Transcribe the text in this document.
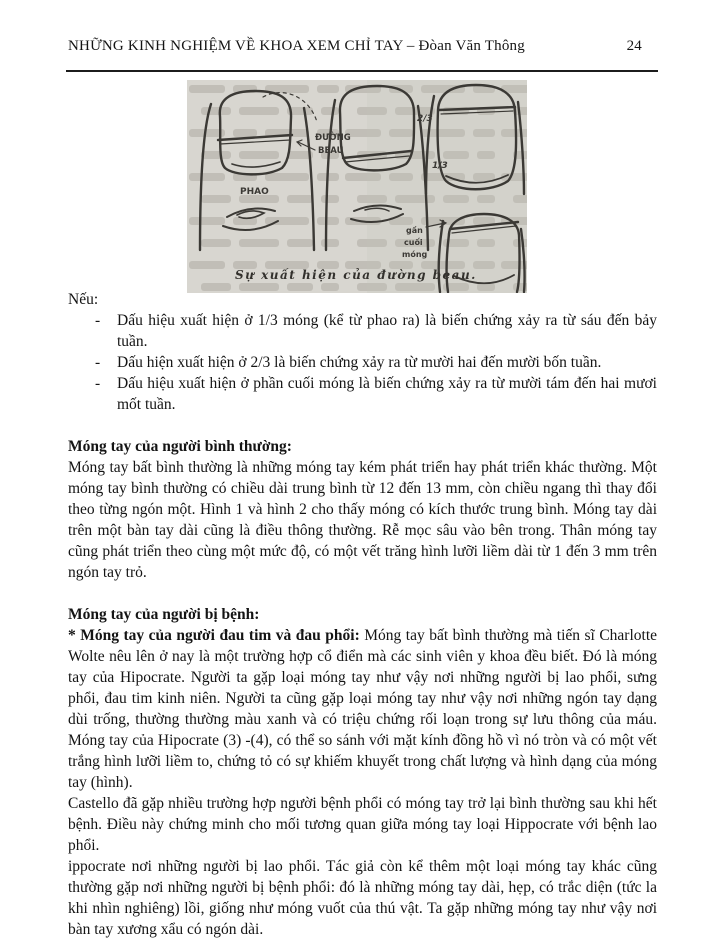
NHỮNG KINH NGHIỆM VỀ KHOA XEM CHỈ TAY – Đòan Văn Thông	24
ĐƯỜNG
BEAU
PHAO
1/3
2/3
gần
cuối
móng
Sự xuất hiện của đường beau.

Nếu:

-	Dấu hiệu xuất hiện ở 1/3 móng (kể từ phao ra) là biến chứng xảy ra từ sáu đến bảy tuần.
-	Dấu hiện xuất hiện ở 2/3 là biến chứng xảy ra từ mười hai đến mười bốn tuần.
-	Dấu hiệu xuất hiện ở phần cuối móng là biến chứng xảy ra từ mười tám đến hai mươi mốt tuần.
Móng tay của người bình thường:

Móng tay bất bình thường là những móng tay kém phát triển hay phát triển khác thường. Một móng tay bình thường có chiều dài trung bình từ 12 đến 13 mm, còn chiều ngang thì thay đổi theo từng ngón một. Hình 1 và hình 2 cho thấy móng có kích thước trung bình. Móng tay dài trên một bàn tay dài cũng là điều thông thường. Rễ mọc sâu vào bên trong. Thân móng tay cũng phát triển theo cùng một mức độ, có một vết trăng hình lưỡi liềm dài từ 1 đến 3 mm trên ngón tay trỏ.

Móng tay của người bị bệnh:

* Móng tay của người đau tim và đau phổi: Móng tay bất bình thường mà tiến sĩ Charlotte Wolte nêu lên ở nay là một trường hợp cổ điển mà các sinh viên y khoa đều biết. Đó là móng tay của Hipocrate. Người ta gặp loại móng tay như vậy nơi những người bị lao phổi, sưng phổi, đau tim kinh niên. Người ta cũng gặp loại móng tay như vậy nơi những ngón tay dạng dùi trống, thường thường màu xanh và có triệu chứng rối loạn trong sự lưu thông của máu. Móng tay của Hipocrate (3) -(4), có thể so sánh với mặt kính đồng hồ vì nó tròn và có một vết trắng hình lưỡi liềm to, chứng tỏ có sự khiếm khuyết trong chất lượng và hình dạng của móng tay (hình).

Castello đã gặp nhiều trường hợp người bệnh phổi có móng tay trở lại bình thường sau khi hết bệnh. Điều này chứng minh cho mối tương quan giữa móng tay loại Hippocrate với bệnh lao phổi.

ippocrate nơi những người bị lao phổi. Tác giả còn kể thêm một loại móng tay khác cũng thường gặp nơi những người bị bệnh phổi: đó là những móng tay dài, hẹp, có trắc diện (tức la khi nhìn nghiêng) lồi, giống như móng vuốt của thú vật. Ta gặp những móng tay như vậy nơi bàn tay xương xẩu có ngón dài.
